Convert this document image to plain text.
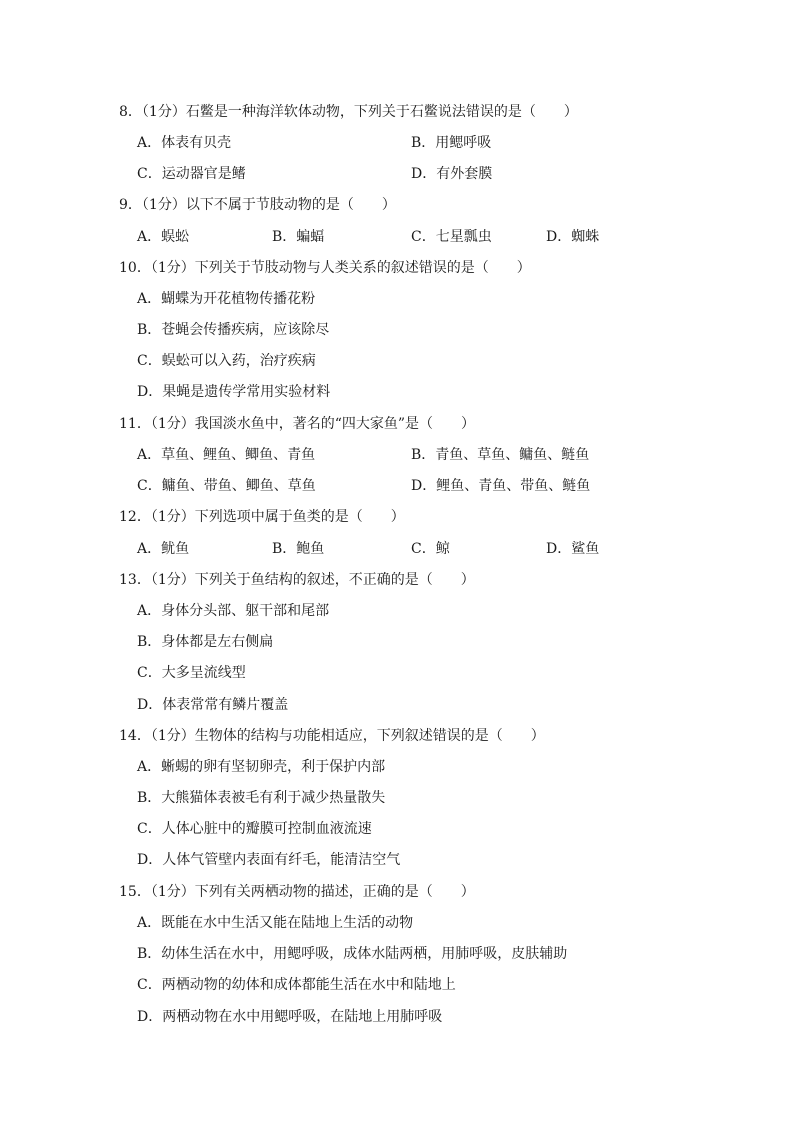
8．（1分）石鳖是一种海洋软体动物，下列关于石鳖说法错误的是（　　）
A．体表有贝壳	B．用鳃呼吸
C．运动器官是鳍	D．有外套膜
9．（1分）以下不属于节肢动物的是（　　）
A．蜈蚣	B．蝙蝠	C．七星瓢虫	D．蜘蛛
10．（1分）下列关于节肢动物与人类关系的叙述错误的是（　　）
A．蝴蝶为开花植物传播花粉
B．苍蝇会传播疾病，应该除尽
C．蜈蚣可以入药，治疗疾病
D．果蝇是遗传学常用实验材料
11．（1分）我国淡水鱼中，著名的“四大家鱼”是（　　）
A．草鱼、鲤鱼、鲫鱼、青鱼	B．青鱼、草鱼、鳙鱼、鲢鱼
C．鳙鱼、带鱼、鲫鱼、草鱼	D．鲤鱼、青鱼、带鱼、鲢鱼
12．（1分）下列选项中属于鱼类的是（　　）
A．鱿鱼	B．鲍鱼	C．鲸	D．鲨鱼
13．（1分）下列关于鱼结构的叙述，不正确的是（　　）
A．身体分头部、躯干部和尾部
B．身体都是左右侧扁
C．大多呈流线型
D．体表常常有鳞片覆盖
14．（1分）生物体的结构与功能相适应，下列叙述错误的是（　　）
A．蜥蜴的卵有坚韧卵壳，利于保护内部
B．大熊猫体表被毛有利于减少热量散失
C．人体心脏中的瓣膜可控制血液流速
D．人体气管壁内表面有纤毛，能清洁空气
15．（1分）下列有关两栖动物的描述，正确的是（　　）
A．既能在水中生活又能在陆地上生活的动物
B．幼体生活在水中，用鳃呼吸，成体水陆两栖，用肺呼吸，皮肤辅助
C．两栖动物的幼体和成体都能生活在水中和陆地上
D．两栖动物在水中用鳃呼吸，在陆地上用肺呼吸
